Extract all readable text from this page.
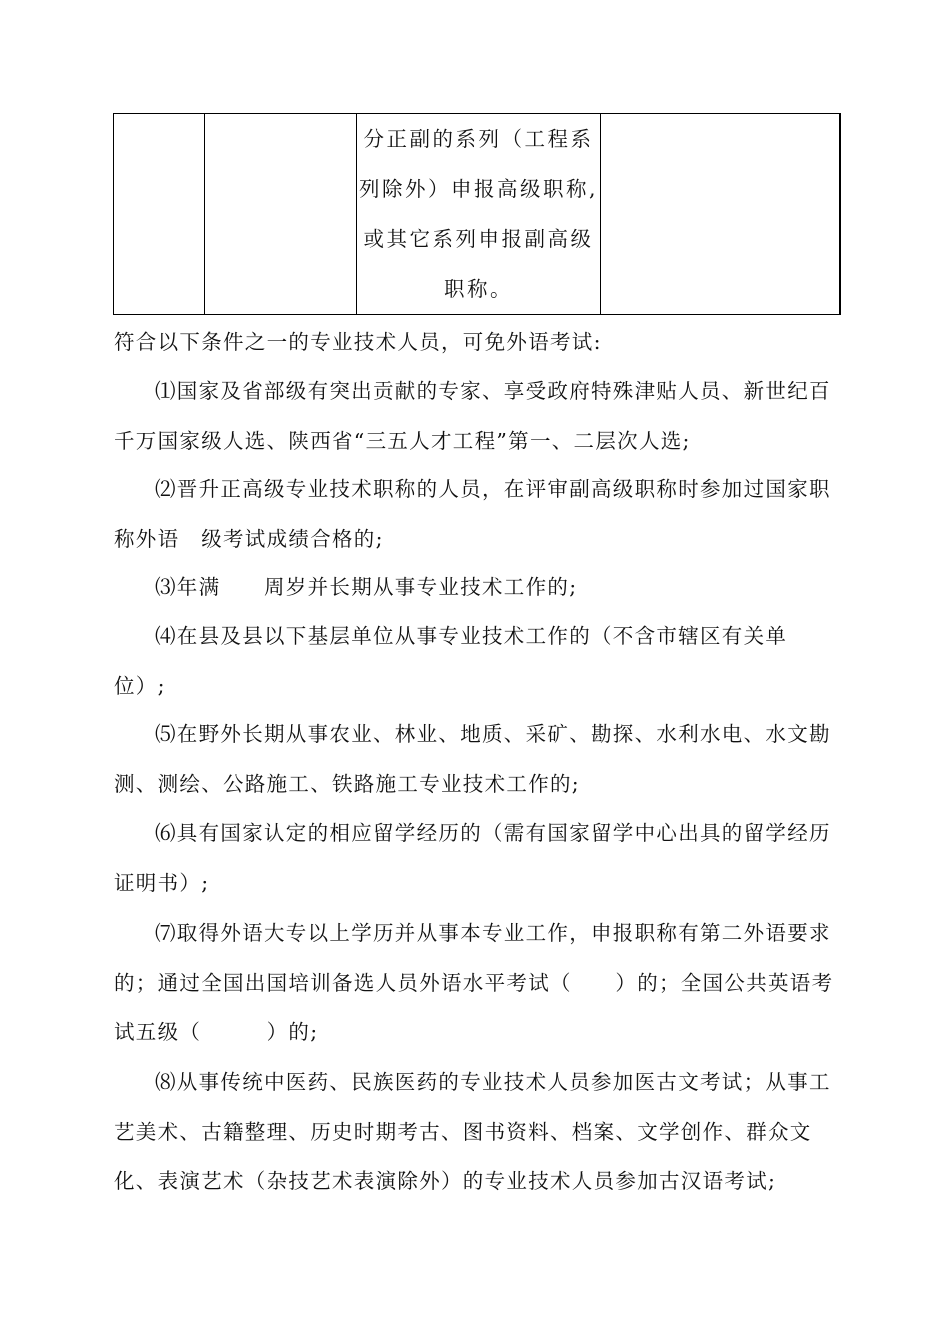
分正副的系列（工程系
列除外）申报高级职称,
或其它系列申报副高级
职称。

符合以下条件之一的专业技术人员，可免外语考试:

⑴国家及省部级有突出贡献的专家、享受政府特殊津贴人员、新世纪百千万国家级人选、陕西省“三五人才工程”第一、二层次人选;

⑵晋升正高级专业技术职称的人员，在评审副高级职称时参加过国家职称外语　级考试成绩合格的;

⑶年满　　周岁并长期从事专业技术工作的;

⑷在县及县以下基层单位从事专业技术工作的（不含市辖区有关单位）;

⑸在野外长期从事农业、林业、地质、采矿、勘探、水利水电、水文勘测、测绘、公路施工、铁路施工专业技术工作的;

⑹具有国家认定的相应留学经历的（需有国家留学中心出具的留学经历证明书）;

⑺取得外语大专以上学历并从事本专业工作，申报职称有第二外语要求的；通过全国出国培训备选人员外语水平考试（　　）的；全国公共英语考试五级（　　　）的;

⑻从事传统中医药、民族医药的专业技术人员参加医古文考试；从事工艺美术、古籍整理、历史时期考古、图书资料、档案、文学创作、群众文化、表演艺术（杂技艺术表演除外）的专业技术人员参加古汉语考试;
